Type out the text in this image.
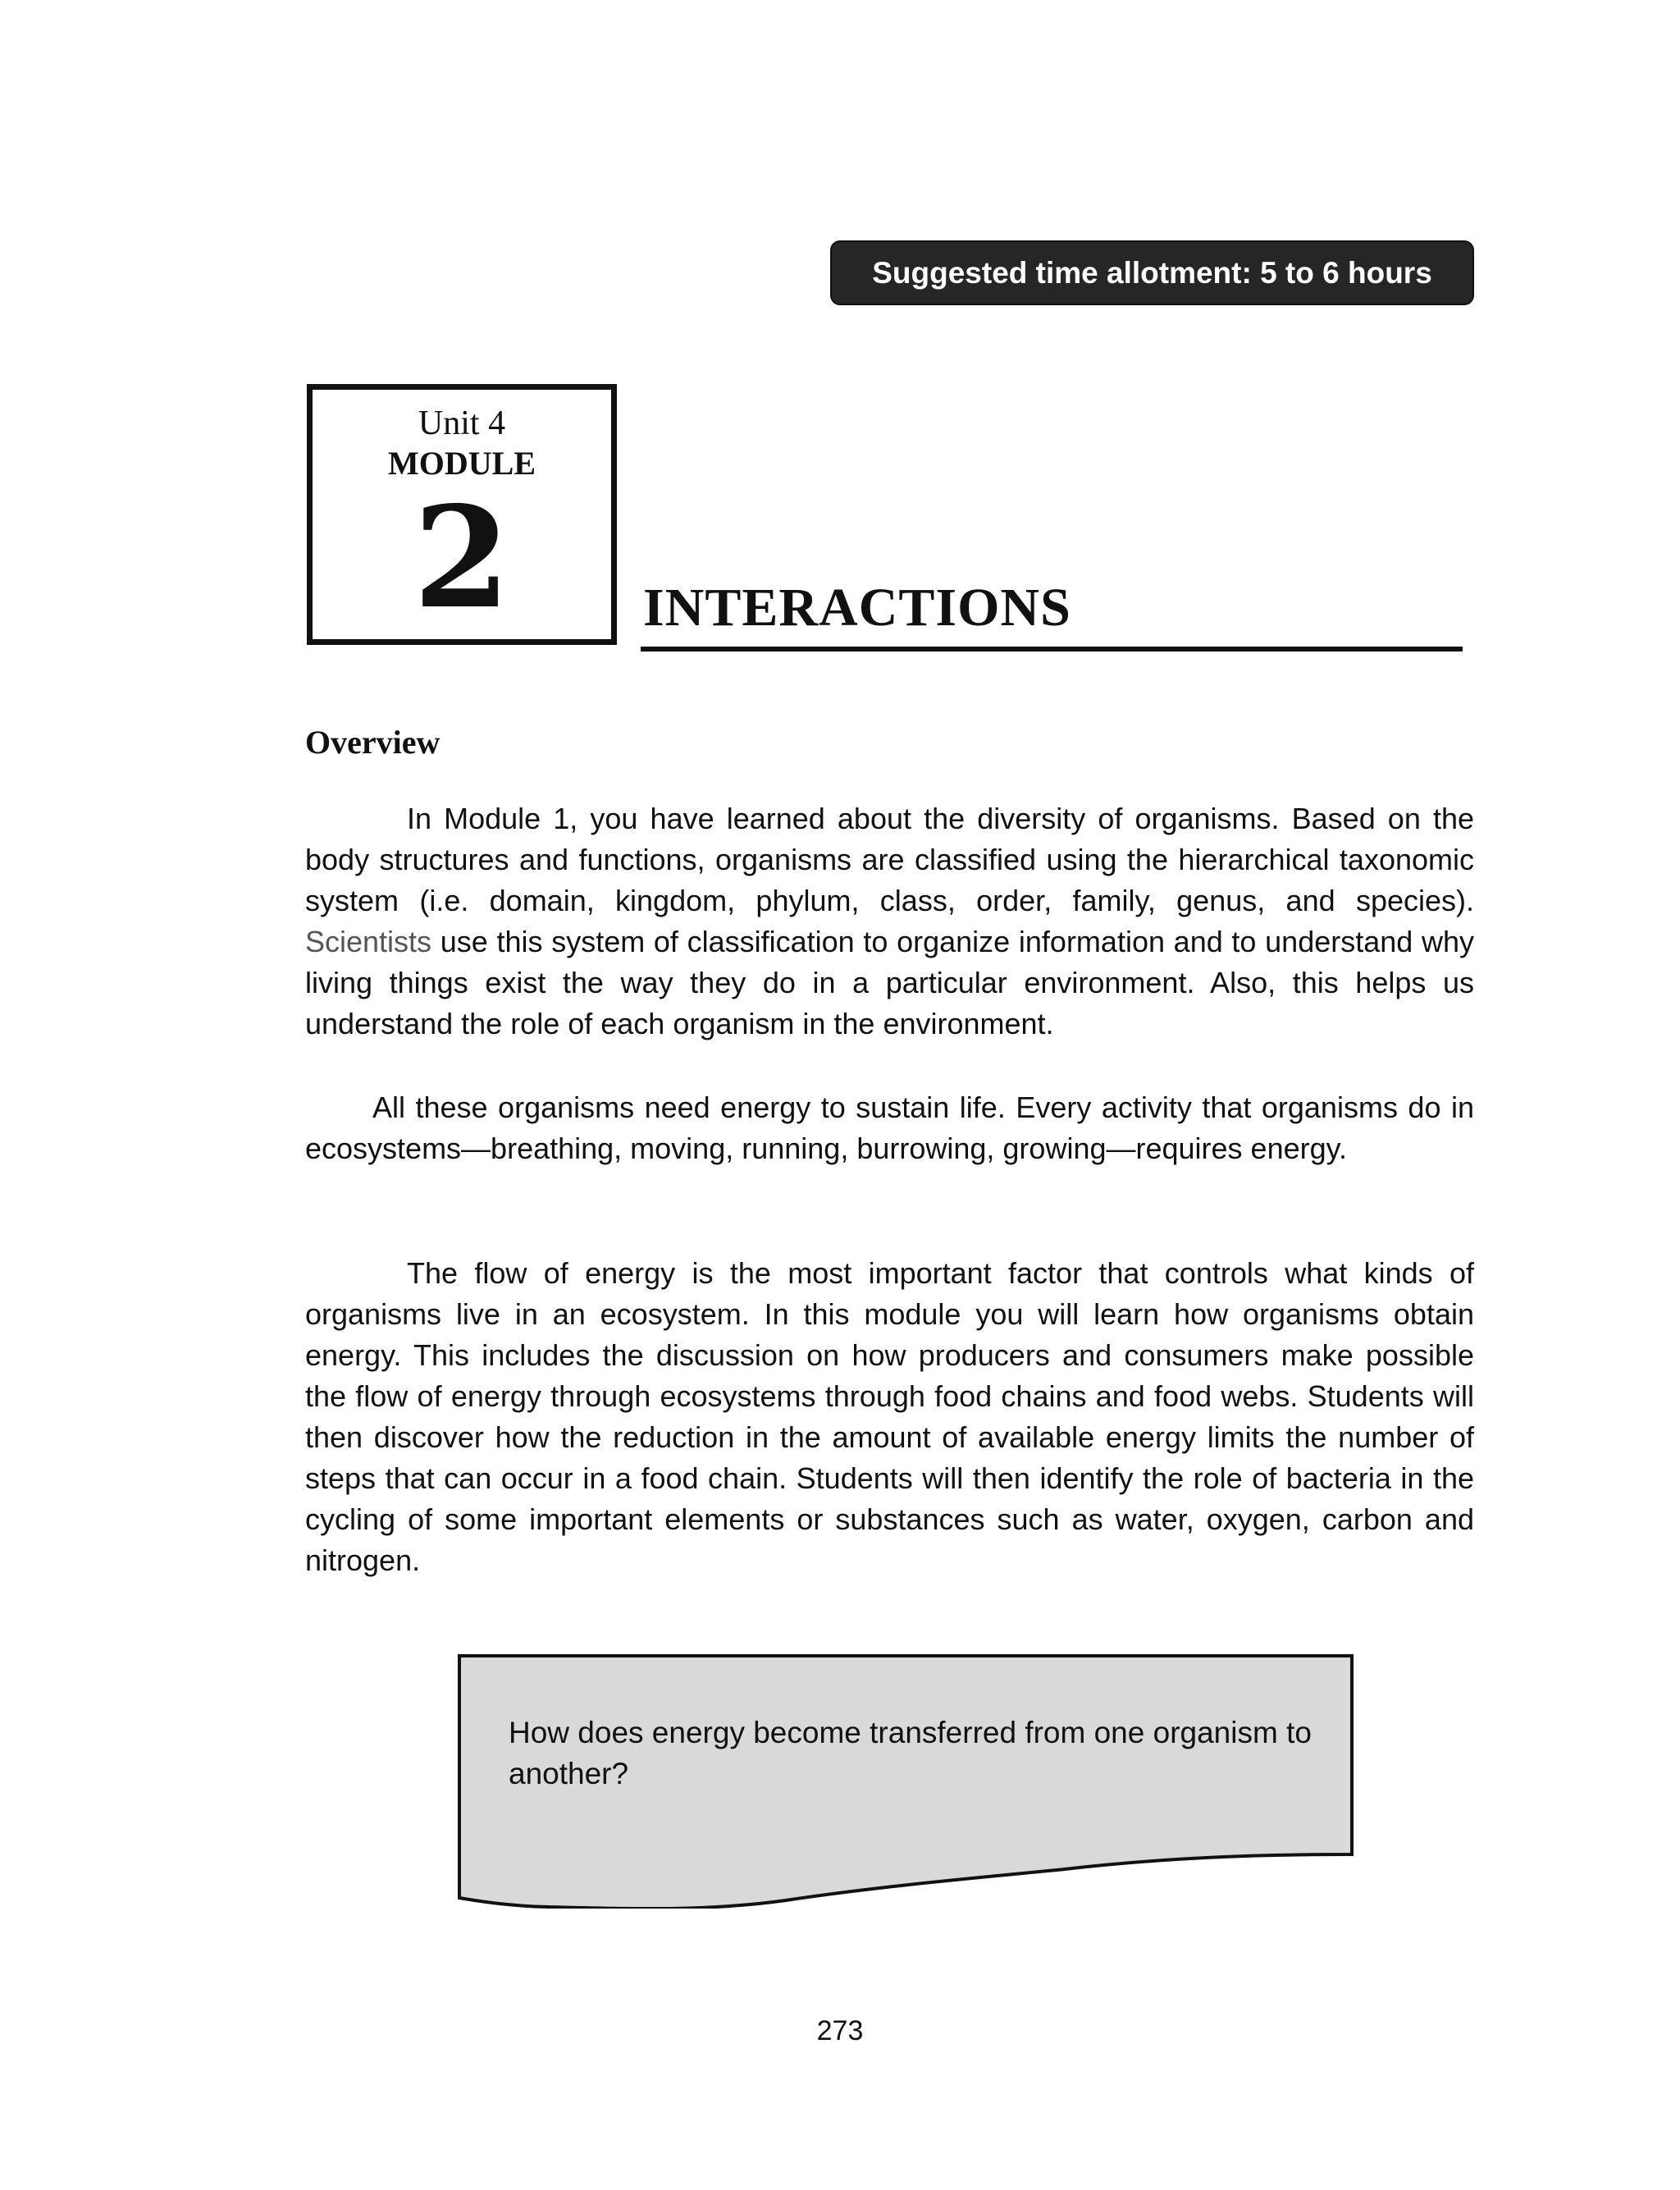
Suggested time allotment: 5 to 6 hours
Unit 4
MODULE
2	INTERACTIONS
Overview

In Module 1, you have learned about the diversity of organisms. Based on the body structures and functions, organisms are classified using the hierarchical taxonomic system (i.e. domain, kingdom, phylum, class, order, family, genus, and species). Scientists use this system of classification to organize information and to understand why living things exist the way they do in a particular environment. Also, this helps us understand the role of each organism in the environment.

All these organisms need energy to sustain life. Every activity that organisms do in ecosystems—breathing, moving, running, burrowing, growing—requires energy.

The flow of energy is the most important factor that controls what kinds of organisms live in an ecosystem. In this module you will learn how organisms obtain energy. This includes the discussion on how producers and consumers make possible the flow of energy through ecosystems through food chains and food webs. Students will then discover how the reduction in the amount of available energy limits the number of steps that can occur in a food chain. Students will then identify the role of bacteria in the cycling of some important elements or substances such as water, oxygen, carbon and nitrogen.

How does energy become transferred from one organism to another?

273
